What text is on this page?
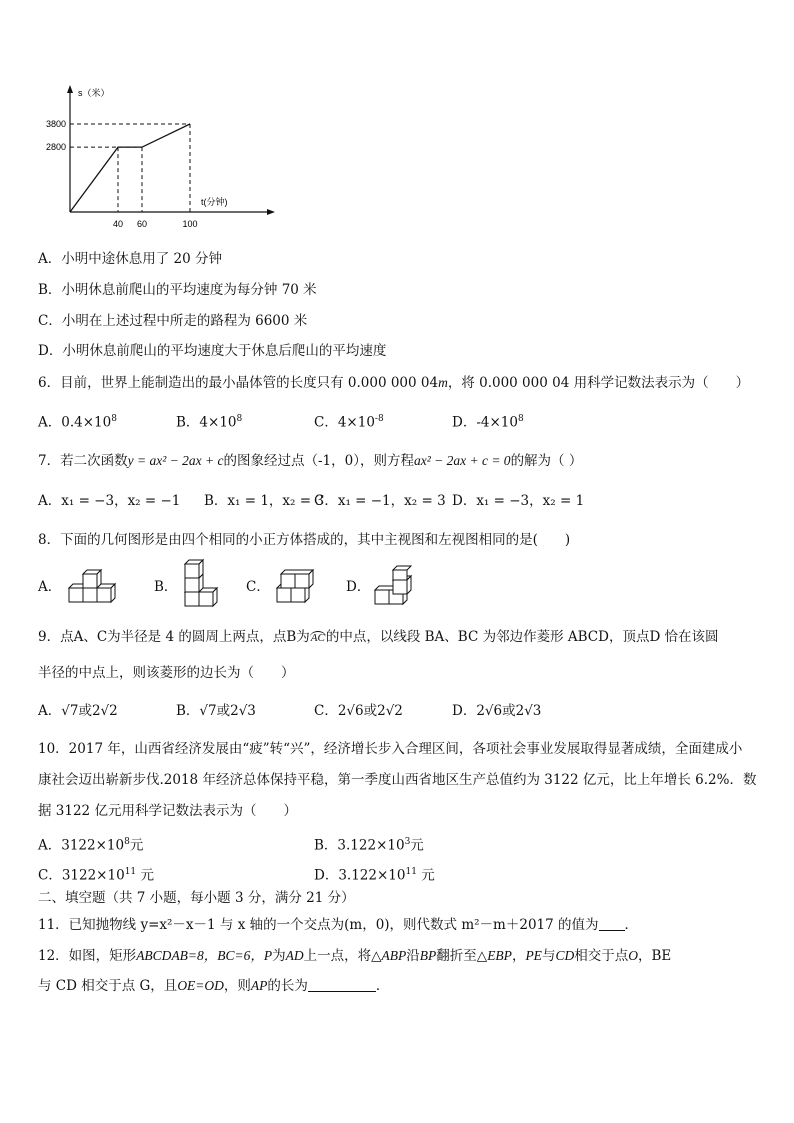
s（米）
t(分钟)
3800
2800
40 60	100
A．小明中途休息用了 20 分钟
B．小明休息前爬山的平均速度为每分钟 70 米
C．小明在上述过程中所走的路程为 6600 米
D．小明休息前爬山的平均速度大于休息后爬山的平均速度
6．目前，世界上能制造出的最小晶体管的长度只有 0.000 000 04m，将 0.000 000 04 用科学记数法表示为（　　）
A．$0.4\times 10^8$	B．$4\times 10^8$	C．$4\times 10^{-8}$	D．$-4\times 10^8$
7．若二次函数y = ax² − 2ax + c的图象经过点（-1，0），则方程ax² − 2ax + c = 0的解为（ ）
A．x₁ = −3，x₂ = −1 B．x₁ = 1，x₂ = 3
C．x₁ = −1，x₂ = 3 D．x₁ = −3，x₂ = 1
8．下面的几何图形是由四个相同的小正方体搭成的，其中主视图和左视图相同的是(　　)
A．	B．	C．	D．
9．点A、C为半径是 4 的圆周上两点，点B为AC的中点，以线段 BA、BC 为邻边作菱形 ABCD，顶点D 恰在该圆
半径的中点上，则该菱形的边长为（　　）
A．√7或2√2	B．√7或2√3	C．2√6或2√2	D．2√6或2√3
10．2017 年，山西省经济发展由“疲”转“兴”，经济增长步入合理区间，各项社会事业发展取得显著成绩，全面建成小
康社会迈出崭新步伐.2018 年经济总体保持平稳，第一季度山西省地区生产总值约为 3122 亿元，比上年增长 6.2%．数
据 3122 亿元用科学记数法表示为（　　）
A．$3122\times 10^8$元	B．$3.122\times 10^3$元
C．$3122\times 10^{11}$ 元	D．$3.122\times 10^{11}$ 元
二、填空题（共 7 小题，每小题 3 分，满分 21 分）
11．已知抛物线 y=x²－x－1 与 x 轴的一个交点为(m，0)，则代数式 m²－m＋2017 的值为 ．
12．如图，矩形ABCDAB=8，BC=6，P为AD上一点，将△ABP沿BP翻折至△EBP，PE与CD相交于点O，BE
与 CD 相交于点 G，且OE=OD，则AP的长为	．
